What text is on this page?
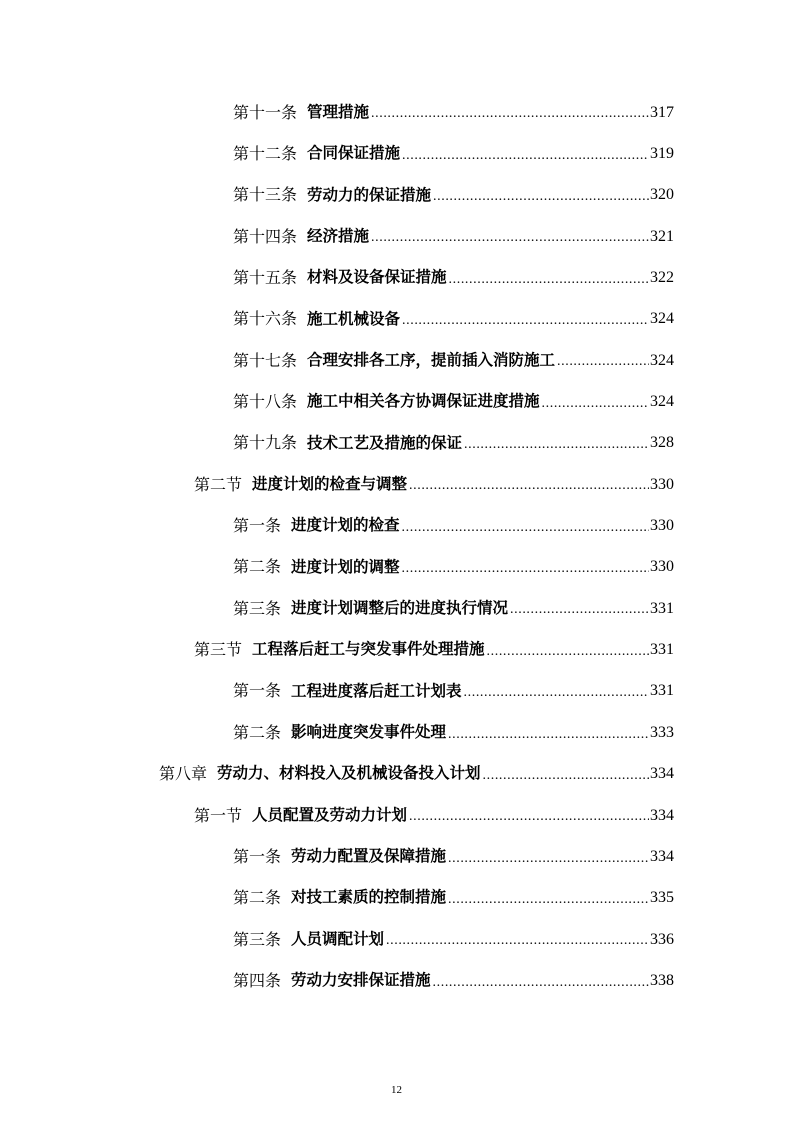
第十一条 管理措施 .....	317
第十二条 合同保证措施 .....	319
第十三条 劳动力的保证措施 .....	320
第十四条 经济措施 .....	321
第十五条 材料及设备保证措施 .....	322
第十六条 施工机械设备 .....	324
第十七条 合理安排各工序，提前插入消防施工 .....	324
第十八条 施工中相关各方协调保证进度措施 .....	324
第十九条 技术工艺及措施的保证 .....	328
第二节 进度计划的检查与调整 .....	330
第一条 进度计划的检查 .....	330
第二条 进度计划的调整 .....	330
第三条 进度计划调整后的进度执行情况 .....	331
第三节 工程落后赶工与突发事件处理措施 .....	331
第一条 工程进度落后赶工计划表 .....	331
第二条 影响进度突发事件处理 .....	333
第八章 劳动力、材料投入及机械设备投入计划 .....	334
第一节 人员配置及劳动力计划 .....	334
第一条 劳动力配置及保障措施 .....	334
第二条 对技工素质的控制措施 .....	335
第三条 人员调配计划 .....	336
第四条 劳动力安排保证措施 .....	338
12
